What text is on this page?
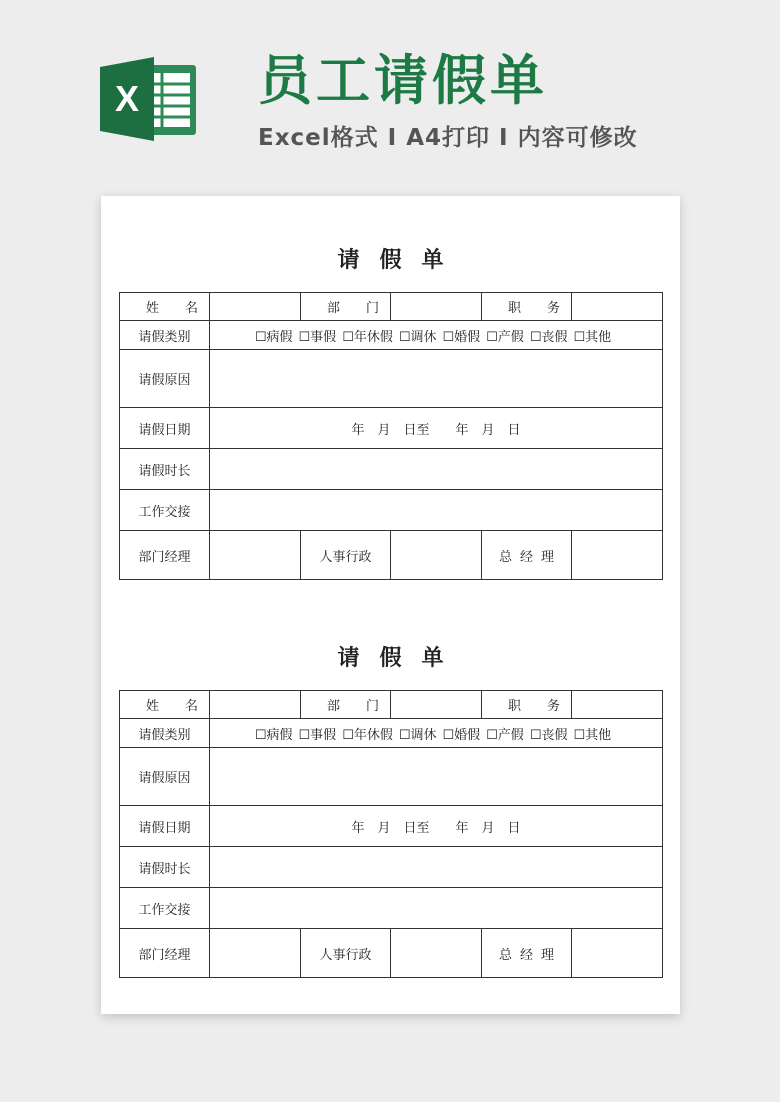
X 员工请假单
Excel格式 I A4打印 I 内容可修改
请假单
姓名		部门		职务	
请假类别	☐病假 ☐事假 ☐年休假 ☐调休 ☐婚假 ☐产假 ☐丧假 ☐其他				
请假原因					
请假日期	年　月　日至　　年　月　日				
请假时长					
工作交接					
部门经理		人事行政		总经理	
请假单
姓名		部门		职务	
请假类别	☐病假 ☐事假 ☐年休假 ☐调休 ☐婚假 ☐产假 ☐丧假 ☐其他				
请假原因					
请假日期	年　月　日至　　年　月　日				
请假时长					
工作交接					
部门经理		人事行政		总经理	
